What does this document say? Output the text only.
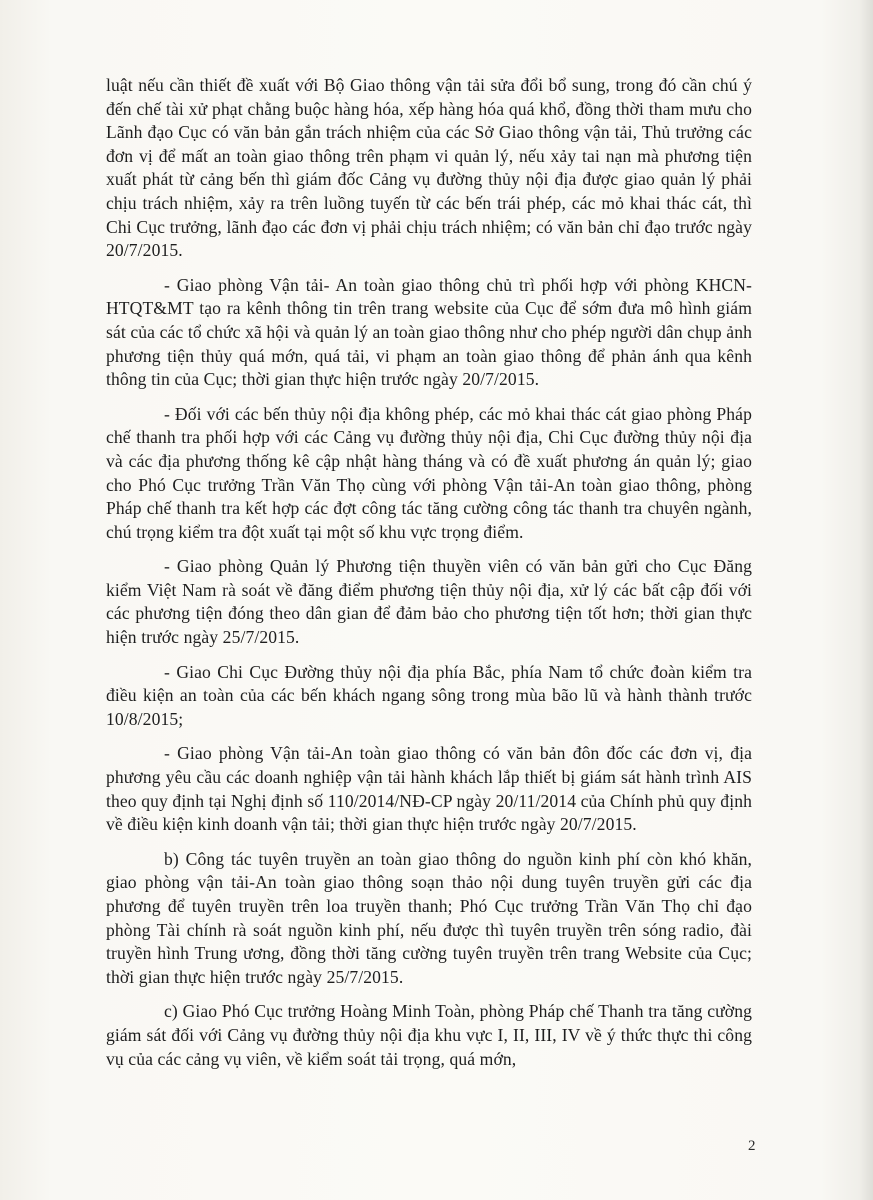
luật nếu cần thiết đề xuất với Bộ Giao thông vận tải sửa đổi bổ sung, trong đó cần chú ý đến chế tài xử phạt chằng buộc hàng hóa, xếp hàng hóa quá khổ, đồng thời tham mưu cho Lãnh đạo Cục có văn bản gắn trách nhiệm của các Sở Giao thông vận tải, Thủ trưởng các đơn vị để mất an toàn giao thông trên phạm vi quản lý, nếu xảy tai nạn mà phương tiện xuất phát từ cảng bến thì giám đốc Cảng vụ đường thủy nội địa được giao quản lý phải chịu trách nhiệm, xảy ra trên luồng tuyến từ các bến trái phép, các mỏ khai thác cát, thì Chi Cục trưởng, lãnh đạo các đơn vị phải chịu trách nhiệm; có văn bản chỉ đạo trước ngày 20/7/2015.

- Giao phòng Vận tải- An toàn giao thông chủ trì phối hợp với phòng KHCN-HTQT&MT tạo ra kênh thông tin trên trang website của Cục để sớm đưa mô hình giám sát của các tổ chức xã hội và quản lý an toàn giao thông như cho phép người dân chụp ảnh phương tiện thủy quá mớn, quá tải, vi phạm an toàn giao thông để phản ánh qua kênh thông tin của Cục; thời gian thực hiện trước ngày 20/7/2015.

- Đối với các bến thủy nội địa không phép, các mỏ khai thác cát giao phòng Pháp chế thanh tra phối hợp với các Cảng vụ đường thủy nội địa, Chi Cục đường thủy nội địa và các địa phương thống kê cập nhật hàng tháng và có đề xuất phương án quản lý; giao cho Phó Cục trưởng Trần Văn Thọ cùng với phòng Vận tải-An toàn giao thông, phòng Pháp chế thanh tra kết hợp các đợt công tác tăng cường công tác thanh tra chuyên ngành, chú trọng kiểm tra đột xuất tại một số khu vực trọng điểm.

- Giao phòng Quản lý Phương tiện thuyền viên có văn bản gửi cho Cục Đăng kiểm Việt Nam rà soát về đăng điểm phương tiện thủy nội địa, xử lý các bất cập đối với các phương tiện đóng theo dân gian để đảm bảo cho phương tiện tốt hơn; thời gian thực hiện trước ngày 25/7/2015.

- Giao Chi Cục Đường thủy nội địa phía Bắc, phía Nam tổ chức đoàn kiểm tra điều kiện an toàn của các bến khách ngang sông trong mùa bão lũ và hành thành trước 10/8/2015;

- Giao phòng Vận tải-An toàn giao thông có văn bản đôn đốc các đơn vị, địa phương yêu cầu các doanh nghiệp vận tải hành khách lắp thiết bị giám sát hành trình AIS theo quy định tại Nghị định số 110/2014/NĐ-CP ngày 20/11/2014 của Chính phủ quy định về điều kiện kinh doanh vận tải; thời gian thực hiện trước ngày 20/7/2015.

b) Công tác tuyên truyền an toàn giao thông do nguồn kinh phí còn khó khăn, giao phòng vận tải-An toàn giao thông soạn thảo nội dung tuyên truyền gửi các địa phương để tuyên truyền trên loa truyền thanh; Phó Cục trưởng Trần Văn Thọ chỉ đạo phòng Tài chính rà soát nguồn kinh phí, nếu được thì tuyên truyền trên sóng radio, đài truyền hình Trung ương, đồng thời tăng cường tuyên truyền trên trang Website của Cục; thời gian thực hiện trước ngày 25/7/2015.

c) Giao Phó Cục trưởng Hoàng Minh Toàn, phòng Pháp chế Thanh tra tăng cường giám sát đối với Cảng vụ đường thủy nội địa khu vực I, II, III, IV về ý thức thực thi công vụ của các cảng vụ viên, về kiểm soát tải trọng, quá mớn,

2
